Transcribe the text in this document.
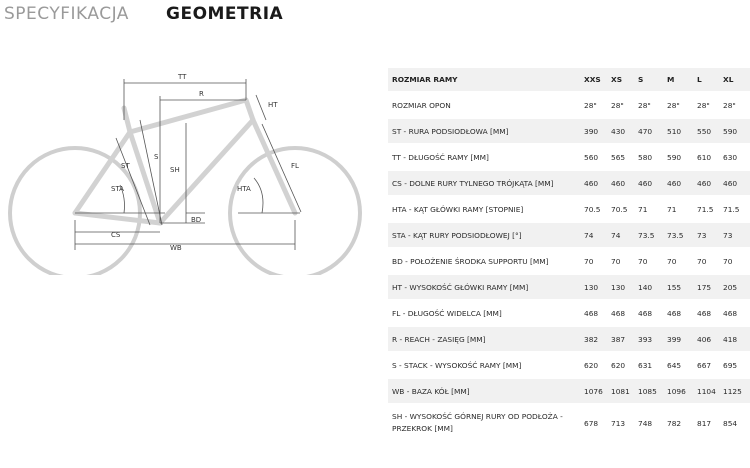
SPECYFIKACJA GEOMETRIA
TT
R
HT
S
ST	SH
STA	HTA
FL
BD
CS
WB
ROZMIAR RAMY	XXS	XS	S	M	L	XL
ROZMIAR OPON	28"	28"	28"	28"	28"	28"
ST - RURA PODSIODŁOWA [MM]	390	430	470	510	550	590
TT - DŁUGOŚĆ RAMY [MM]	560	565	580	590	610	630
CS - DOLNE RURY TYLNEGO TRÓJKĄTA [MM]	460	460	460	460	460	460
HTA - KĄT GŁÓWKI RAMY [STOPNIE]	70.5	70.5	71	71	71.5	71.5
STA - KĄT RURY PODSIODŁOWEJ [°]	74	74	73.5	73.5	73	73
BD - POŁOŻENIE ŚRODKA SUPPORTU [MM]	70	70	70	70	70	70
HT - WYSOKOŚĆ GŁÓWKI RAMY [MM]	130	130	140	155	175	205
FL - DŁUGOŚĆ WIDELCA [MM]	468	468	468	468	468	468
R - REACH - ZASIĘG [MM]	382	387	393	399	406	418
S - STACK - WYSOKOŚĆ RAMY [MM]	620	620	631	645	667	695
WB - BAZA KÓŁ [MM]	1076	1081	1085	1096	1104	1125
SH - WYSOKOŚĆ GÓRNEJ RURY OD PODŁOŻA - PRZEKROK [MM]	678	713	748	782	817	854
